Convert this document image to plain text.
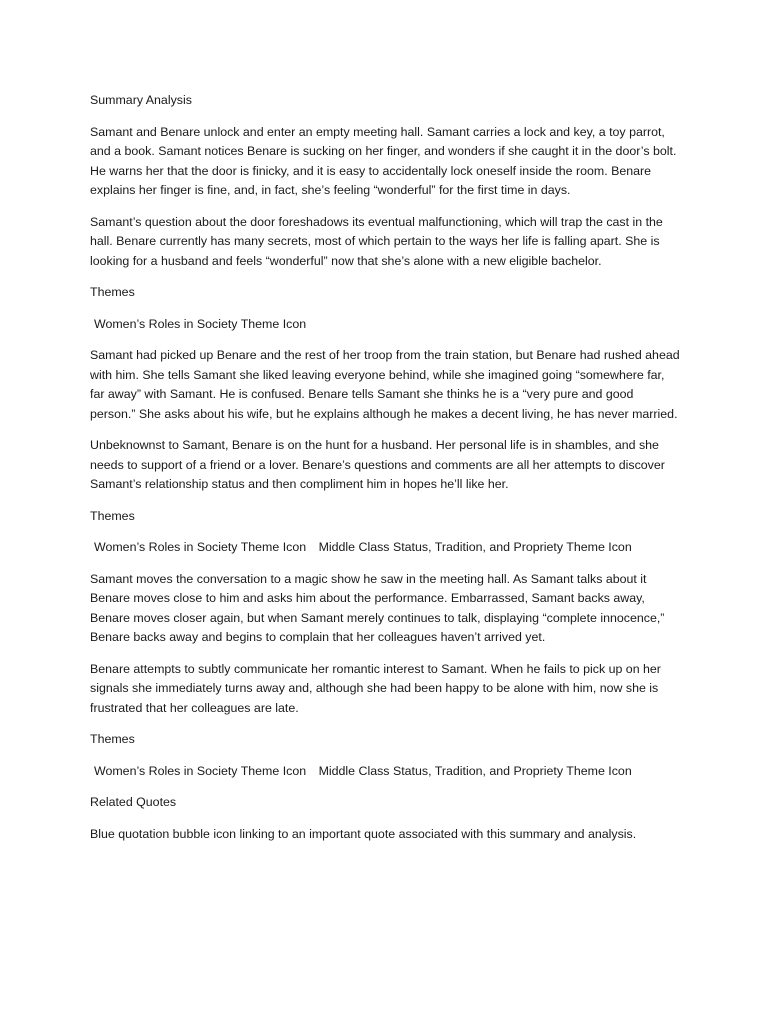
Summary Analysis

Samant and Benare unlock and enter an empty meeting hall. Samant carries a lock and key, a toy parrot, and a book. Samant notices Benare is sucking on her finger, and wonders if she caught it in the door’s bolt. He warns her that the door is finicky, and it is easy to accidentally lock oneself inside the room. Benare explains her finger is fine, and, in fact, she’s feeling “wonderful” for the first time in days.

Samant’s question about the door foreshadows its eventual malfunctioning, which will trap the cast in the hall. Benare currently has many secrets, most of which pertain to the ways her life is falling apart. She is looking for a husband and feels “wonderful” now that she’s alone with a new eligible bachelor.

Themes
Women’s Roles in Society Theme Icon

Samant had picked up Benare and the rest of her troop from the train station, but Benare had rushed ahead with him. She tells Samant she liked leaving everyone behind, while she imagined going “somewhere far, far away” with Samant. He is confused. Benare tells Samant she thinks he is a “very pure and good person.” She asks about his wife, but he explains although he makes a decent living, he has never married.

Unbeknownst to Samant, Benare is on the hunt for a husband. Her personal life is in shambles, and she needs to support of a friend or a lover. Benare’s questions and comments are all her attempts to discover Samant’s relationship status and then compliment him in hopes he’ll like her.

Themes
Women’s Roles in Society Theme Icon Middle Class Status, Tradition, and Propriety Theme Icon

Samant moves the conversation to a magic show he saw in the meeting hall. As Samant talks about it Benare moves close to him and asks him about the performance. Embarrassed, Samant backs away, Benare moves closer again, but when Samant merely continues to talk, displaying “complete innocence,” Benare backs away and begins to complain that her colleagues haven’t arrived yet.

Benare attempts to subtly communicate her romantic interest to Samant. When he fails to pick up on her signals she immediately turns away and, although she had been happy to be alone with him, now she is frustrated that her colleagues are late.

Themes
Women’s Roles in Society Theme Icon Middle Class Status, Tradition, and Propriety Theme Icon
Related Quotes

Blue quotation bubble icon linking to an important quote associated with this summary and analysis.
